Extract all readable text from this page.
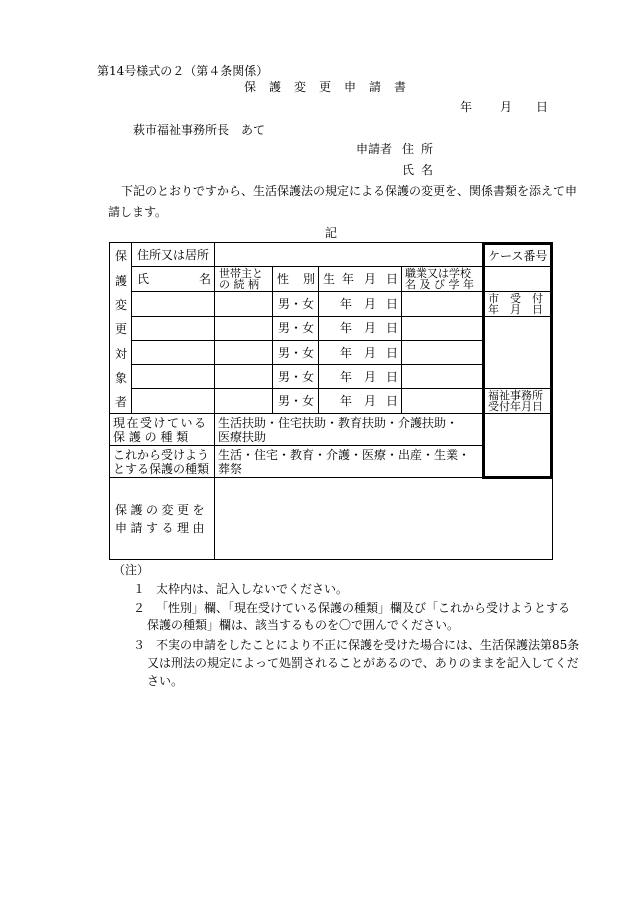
第14号様式の２（第４条関係）
保護変更申請書
年 月 日
萩市福祉事務所長　あて
申請者 住所
氏名
下記のとおりですから、生活保護法の規定による保護の変更を、関係書類を添えて申
請します。
記
保
護
変
更
対
象
者
住所又は居所
氏	名 世帯主と
の 続 柄 性 別 生 年 月 日 職業又は学校
名 及 び 学 年
男・女 年 月 日
男・女 年 月 日
男・女 年 月 日
男・女 年 月 日
男・女 年 月 日
現在受けている
保 護 の 種 類
生活扶助・住宅扶助・教育扶助・介護扶助・
医療扶助
これから受けよう
とする保護の種類
生活・住宅・教育・介護・医療・出産・生業・
葬祭
保護の変更を
申請する理由
ケース番号
市　受　付
年　月　日
福祉事務所
受付年月日
（注）
１ 太枠内は、記入しないでください。
２ 「性別」欄、「現在受けている保護の種類」欄及び「これから受けようとする
保護の種類」欄は、該当するものを〇で囲んでください。
３ 不実の申請をしたことにより不正に保護を受けた場合には、生活保護法第85条
又は刑法の規定によって処罰されることがあるので、ありのままを記入してくだ
さい。
